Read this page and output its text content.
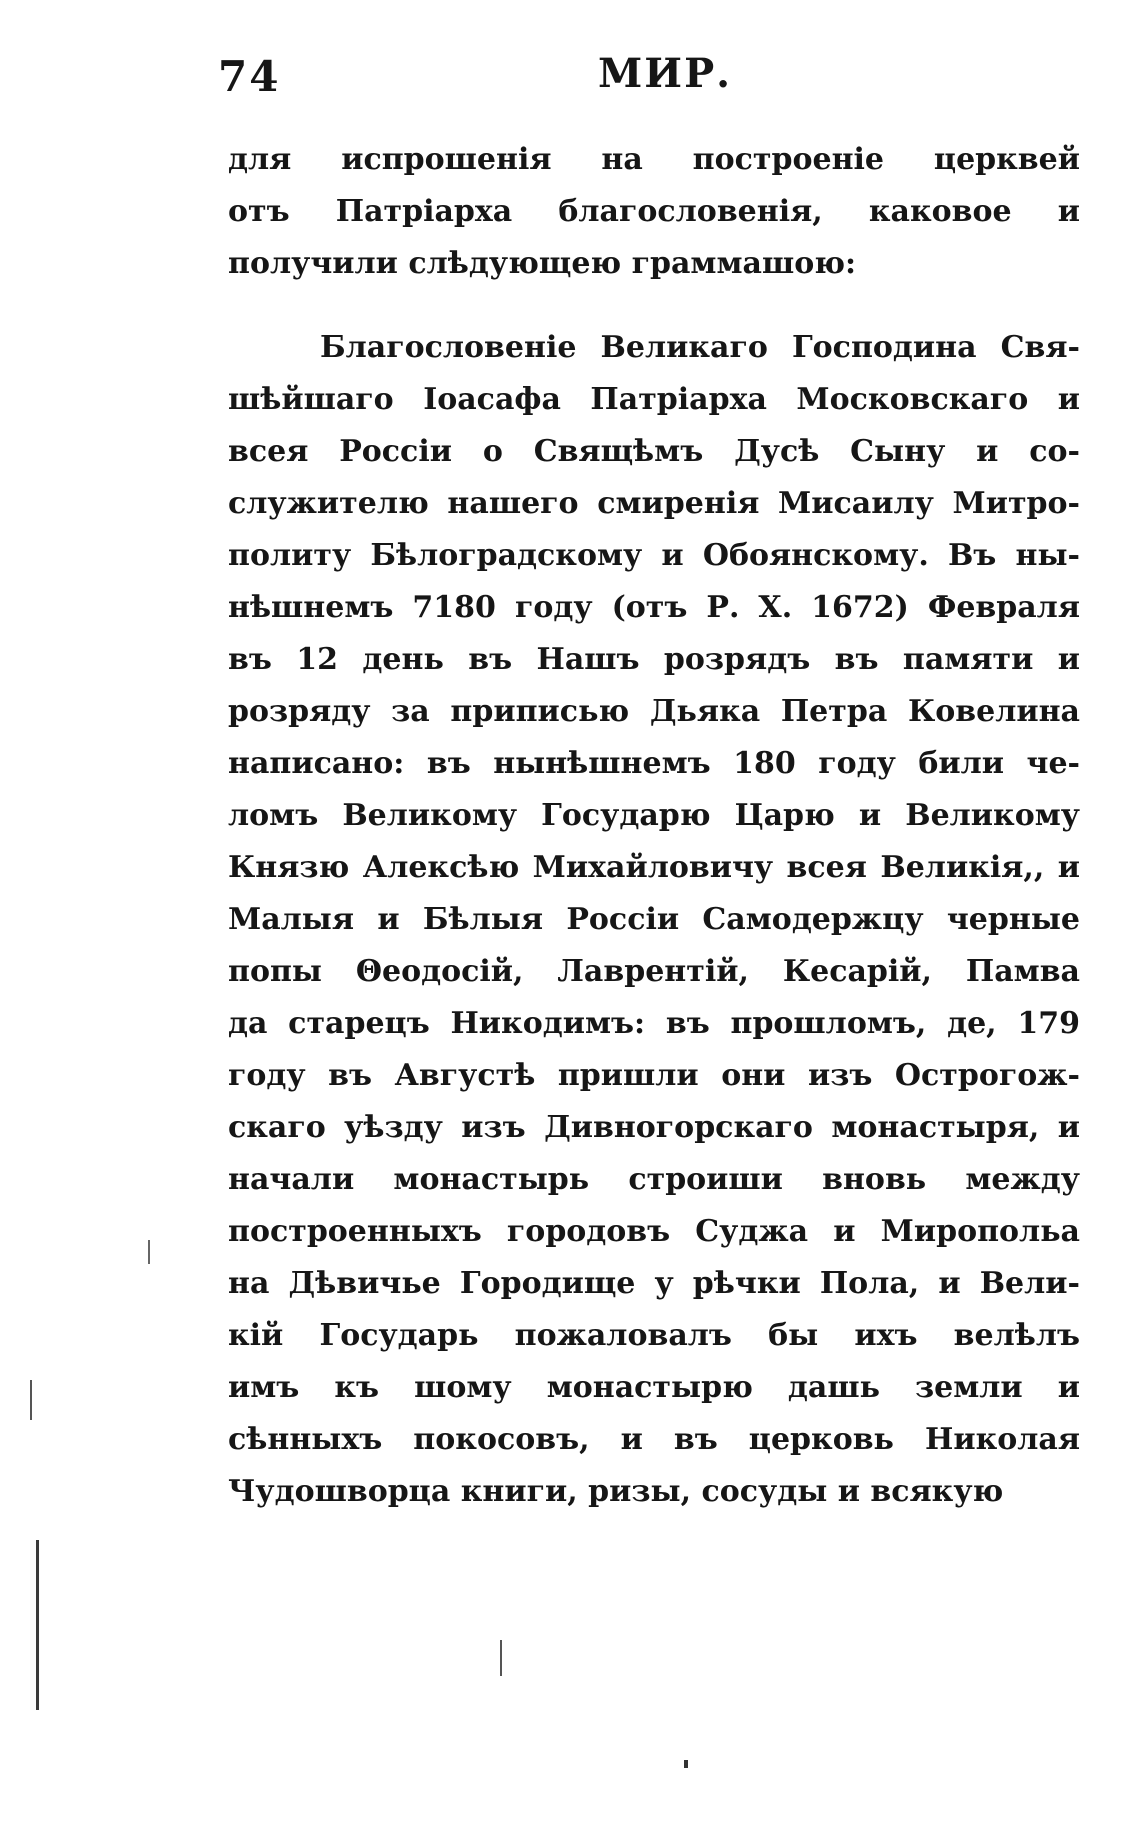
74	МИР.
для испрошенія на построеніе церквей
отъ Патріарха благословенія, каковое и
получили слѣдующею граммашою:
Благословеніе Великаго Господина Свя-
шѣйшаго Іоасафа Патріарха Московскаго и
всея Россіи о Свящѣмъ Дусѣ Сыну и со-
служителю нашего смиренія Мисаилу Митро-
политу Бѣлоградскому и Обоянскому. Въ ны-
нѣшнемъ 7180 году (отъ Р. Х. 1672) Февраля
въ 12 день въ Нашъ розрядъ въ памяти и
розряду за приписью Дьяка Петра Ковелина
написано: въ нынѣшнемъ 180 году били че-
ломъ Великому Государю Царю и Великому
Князю Алексѣю Михайловичу всея Великія,, и
Малыя и Бѣлыя Россіи Самодержцу черные
попы Θеодосій, Лаврентій, Кесарій, Памва
да старецъ Никодимъ: въ прошломъ, де, 179
году въ Августѣ пришли они изъ Острогож-
скаго уѣзду изъ Дивногорскаго монастыря, и
начали монастырь строиши вновь между
построенныхъ городовъ Суджа и Миропольа
на Дѣвичье Городище у рѣчки Пола, и Вели-
кій Государь пожаловалъ бы ихъ велѣлъ
имъ къ шому монастырю дашь земли и
сѣнныхъ покосовъ, и въ церковь Николая
Чудошворца книги, ризы, сосуды и всякую
